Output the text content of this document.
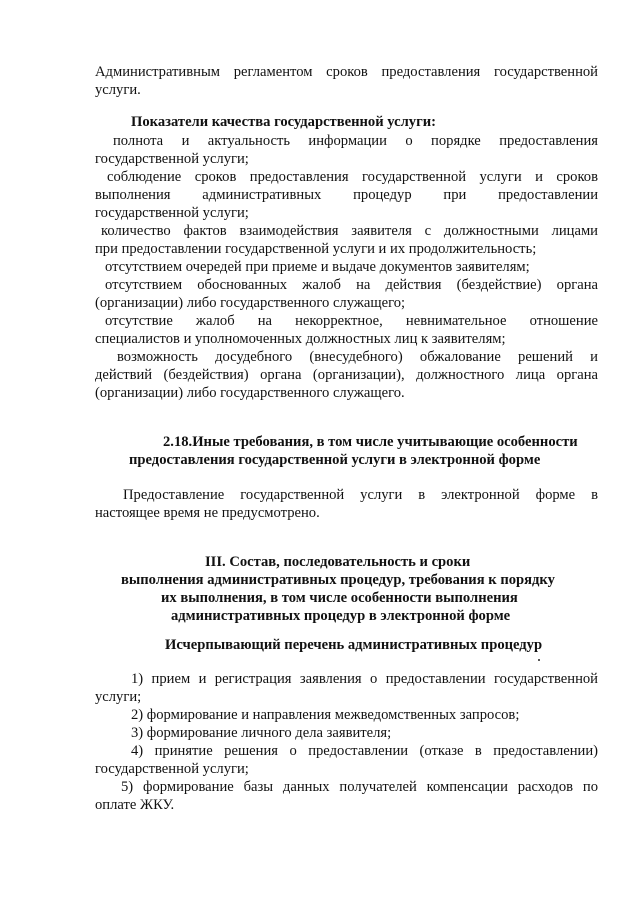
Административным регламентом сроков предоставления государственной
услуги.
Показатели качества государственной услуги:
полнота и актуальность информации о порядке предоставления
государственной услуги;
соблюдение сроков предоставления государственной услуги и сроков
выполнения административных процедур при предоставлении
государственной услуги;
количество фактов взаимодействия заявителя с должностными лицами
при предоставлении государственной услуги и их продолжительность;
отсутствием очередей при приеме и выдаче документов заявителям;
отсутствием обоснованных жалоб на действия (бездействие) органа
(организации) либо государственного служащего;
отсутствие жалоб на некорректное, невнимательное отношение
специалистов и уполномоченных должностных лиц к заявителям;
возможность досудебного (внесудебного) обжалование решений и
действий (бездействия) органа (организации), должностного лица органа
(организации) либо государственного служащего.
2.18.Иные требования, в том числе учитывающие особенности
предоставления государственной услуги в электронной форме
Предоставление государственной услуги в электронной форме в
настоящее время не предусмотрено.
III. Состав, последовательность и сроки
выполнения административных процедур, требования к порядку
их выполнения, в том числе особенности выполнения
административных процедур в электронной форме
Исчерпывающий перечень административных процедур
1) прием и регистрация заявления о предоставлении государственной
услуги;
2) формирование и направления межведомственных запросов;
3) формирование личного дела заявителя;
4) принятие решения о предоставлении (отказе в предоставлении)
государственной услуги;
5) формирование базы данных получателей компенсации расходов по
оплате ЖКУ.
